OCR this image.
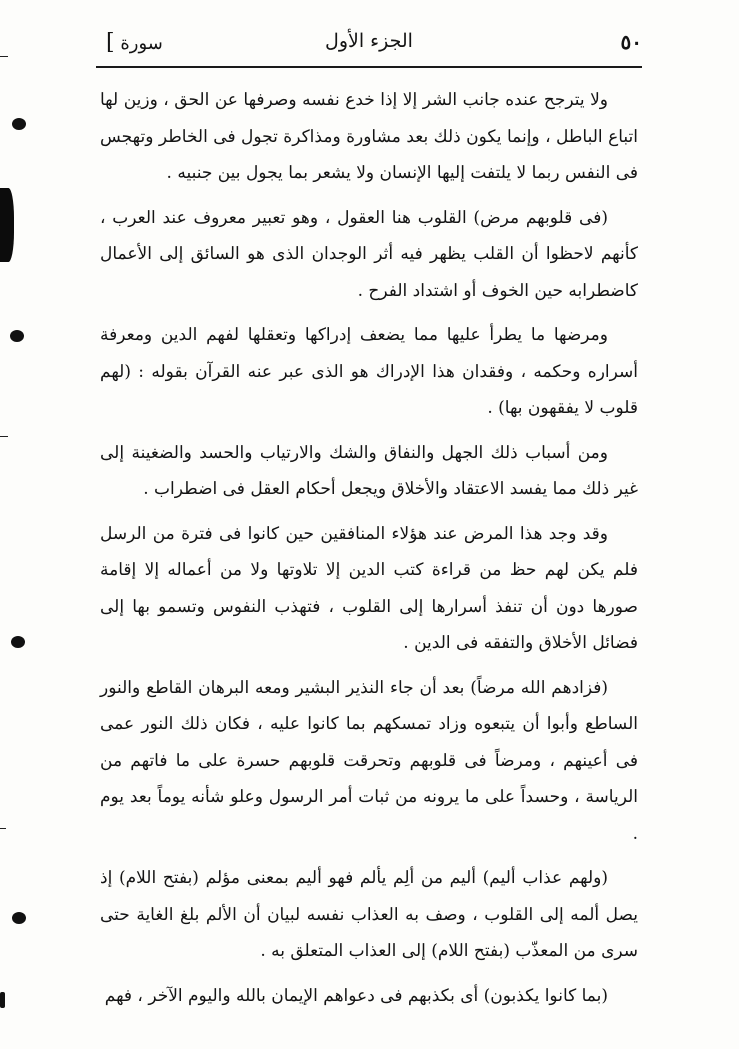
٥٠
الجزء الأول
سورة ]

ولا يترجح عنده جانب الشر إلا إذا خدع نفسه وصرفها عن الحق ، وزين لها اتباع الباطل ، وإنما يكون ذلك بعد مشاورة ومذاكرة تجول فى الخاطر وتهجس فى النفس ربما لا يلتفت إليها الإنسان ولا يشعر بما يجول بين جنبيه .

(فى قلوبهم مرض) القلوب هنا العقول ، وهو تعبير معروف عند العرب ، كأنهم لاحظوا أن القلب يظهر فيه أثر الوجدان الذى هو السائق إلى الأعمال كاضطرابه حين الخوف أو اشتداد الفرح .

ومرضها ما يطرأ عليها مما يضعف إدراكها وتعقلها لفهم الدين ومعرفة أسراره وحكمه ، وفقدان هذا الإدراك هو الذى عبر عنه القرآن بقوله : (لهم قلوب لا يفقهون بها) .

ومن أسباب ذلك الجهل والنفاق والشك والارتياب والحسد والضغينة إلى غير ذلك مما يفسد الاعتقاد والأخلاق ويجعل أحكام العقل فى اضطراب .

وقد وجد هذا المرض عند هؤلاء المنافقين حين كانوا فى فترة من الرسل فلم يكن لهم حظ من قراءة كتب الدين إلا تلاوتها ولا من أعماله إلا إقامة صورها دون أن تنفذ أسرارها إلى القلوب ، فتهذب النفوس وتسمو بها إلى فضائل الأخلاق والتفقه فى الدين .

(فزادهم الله مرضاً) بعد أن جاء النذير البشير ومعه البرهان القاطع والنور الساطع وأبوا أن يتبعوه وزاد تمسكهم بما كانوا عليه ، فكان ذلك النور عمى فى أعينهم ، ومرضاً فى قلوبهم وتحرقت قلوبهم حسرة على ما فاتهم من الرياسة ، وحسداً على ما يرونه من ثبات أمر الرسول وعلو شأنه يوماً بعد يوم .

(ولهم عذاب أليم) أليم من ألِم يألم فهو أليم بمعنى مؤلم (بفتح اللام) إذ يصل ألمه إلى القلوب ، وصف به العذاب نفسه لبيان أن الألم بلغ الغاية حتى سرى من المعذّب (بفتح اللام) إلى العذاب المتعلق به .

(بما كانوا يكذبون) أى بكذبهم فى دعواهم الإيمان بالله واليوم الآخر ، فهم
